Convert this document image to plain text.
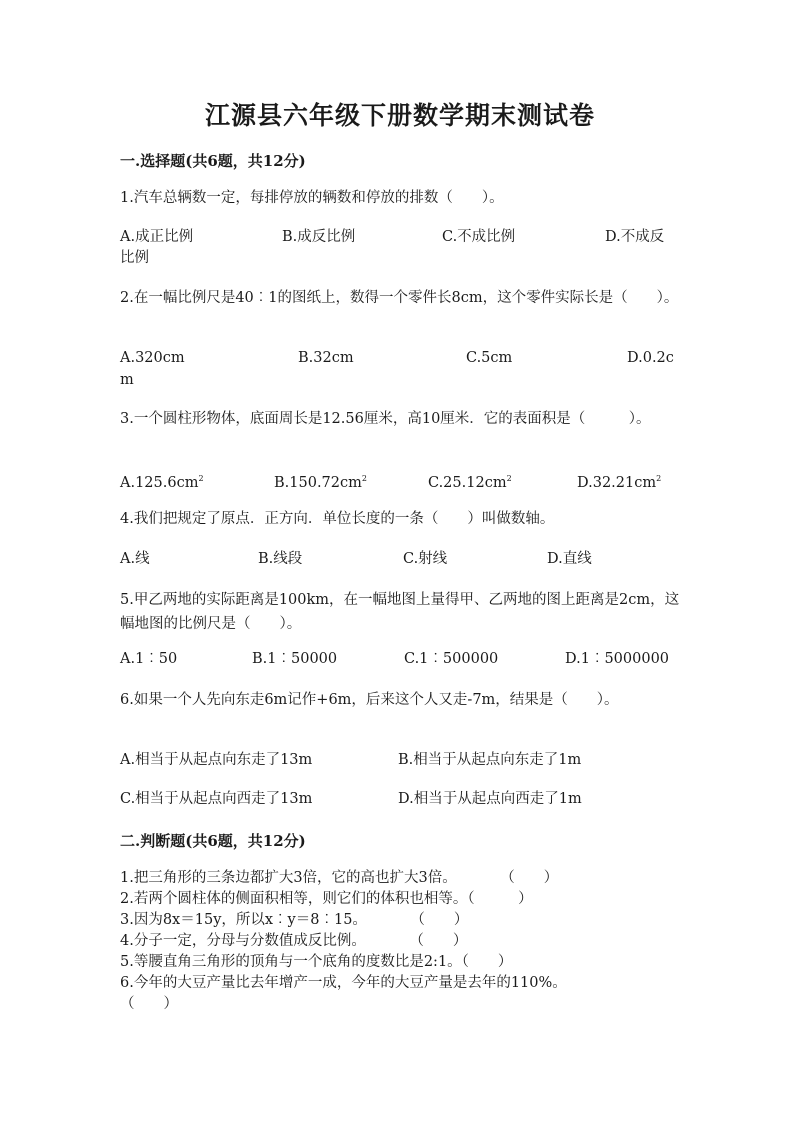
江源县六年级下册数学期末测试卷
一.选择题(共6题，共12分)
1.汽车总辆数一定，每排停放的辆数和停放的排数（　　）。
A.成正比例	B.成反比例	C.不成比例	D.不成反
比例
2.在一幅比例尺是40︰1的图纸上，数得一个零件长8cm，这个零件实际长是（　　）。
A.320cm	B.32cm	C.5cm	D.0.2c
m
3.一个圆柱形物体，底面周长是12.56厘米，高10厘米．它的表面积是（　　　）。
$A.125.6cm^2$	$B.150.72cm^2$	$C.25.12cm^2$	$D.32.21cm^2$
4.我们把规定了原点．正方向．单位长度的一条（　　）叫做数轴。
A.线	B.线段	C.射线	D.直线
5.甲乙两地的实际距离是100km，在一幅地图上量得甲、乙两地的图上距离是2cm，这幅地图的比例尺是（　　）。
A.1︰50	B.1︰50000	C.1︰500000	D.1︰5000000
6.如果一个人先向东走6m记作+6m，后来这个人又走-7m，结果是（　　）。
A.相当于从起点向东走了13m	B.相当于从起点向东走了1m
C.相当于从起点向西走了13m	D.相当于从起点向西走了1m
二.判断题(共6题，共12分)
1.把三角形的三条边都扩大3倍，它的高也扩大3倍。　　　　（　　）
2.若两个圆柱体的侧面积相等，则它们的体积也相等。（　　　）
3.因为8x＝15y，所以x︰y＝8︰15。　　　　（　　）
4.分子一定，分母与分数值成反比例。　　　　（　　）
5.等腰直角三角形的顶角与一个底角的度数比是2:1。（　　）
6.今年的大豆产量比去年增产一成，今年的大豆产量是去年的110%。
（　　）
